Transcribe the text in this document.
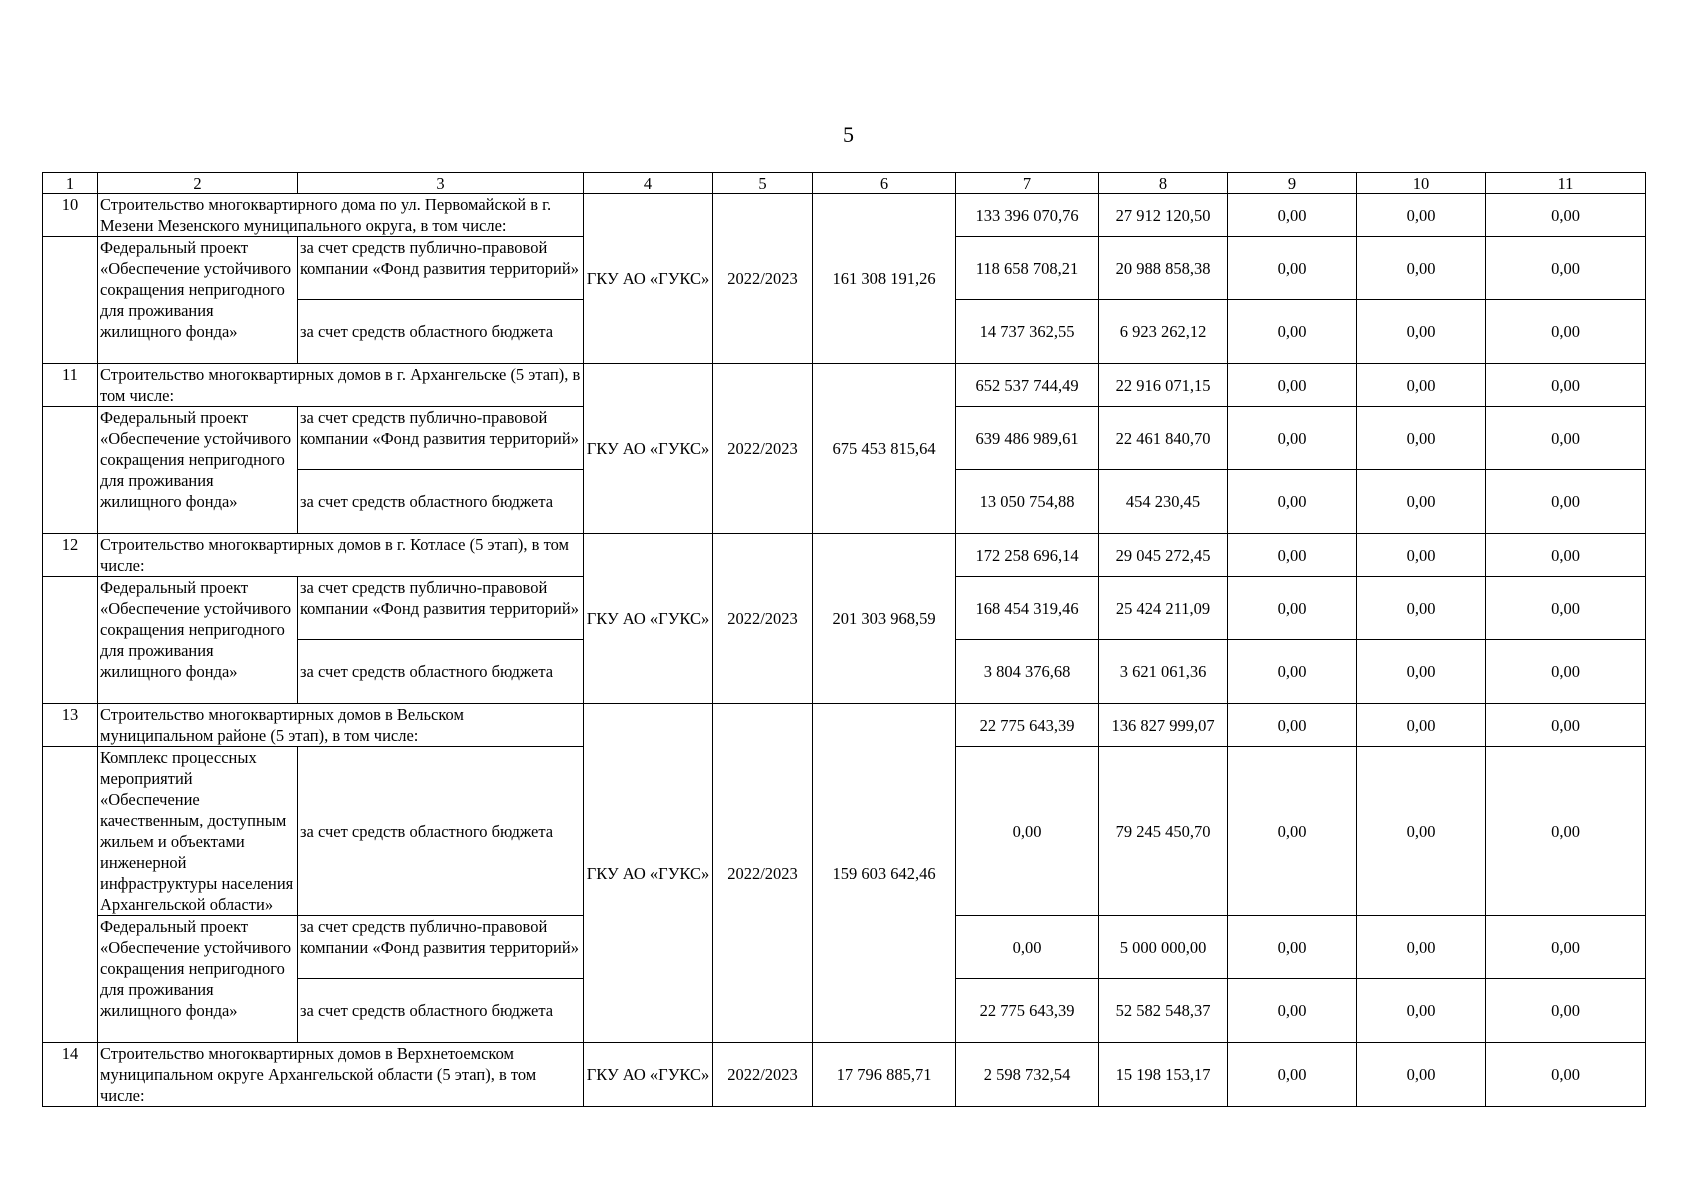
5
1	2	3	4	5	6	7	8	9	10	11
10	Строительство многоквартирного дома по ул. Первомайской в г. Мезени Мезенского муниципального округа, в том числе:		ГКУ АО «ГУКС»	2022/2023	161 308 191,26	133 396 070,76	27 912 120,50	0,00	0,00	0,00
	Федеральный проект «Обеспечение устойчивого сокращения непригодного для проживания жилищного фонда»	за счет средств публично-правовой компании «Фонд развития территорий»				118 658 708,21	20 988 858,38	0,00	0,00	0,00
		за счет средств областного бюджета				14 737 362,55	6 923 262,12	0,00	0,00	0,00
11	Строительство многоквартирных домов в г. Архангельске (5 этап), в том числе:		ГКУ АО «ГУКС»	2022/2023	675 453 815,64	652 537 744,49	22 916 071,15	0,00	0,00	0,00
	Федеральный проект «Обеспечение устойчивого сокращения непригодного для проживания жилищного фонда»	за счет средств публично-правовой компании «Фонд развития территорий»				639 486 989,61	22 461 840,70	0,00	0,00	0,00
		за счет средств областного бюджета				13 050 754,88	454 230,45	0,00	0,00	0,00
12	Строительство многоквартирных домов в г. Котласе (5 этап), в том числе:		ГКУ АО «ГУКС»	2022/2023	201 303 968,59	172 258 696,14	29 045 272,45	0,00	0,00	0,00
	Федеральный проект «Обеспечение устойчивого сокращения непригодного для проживания жилищного фонда»	за счет средств публично-правовой компании «Фонд развития территорий»				168 454 319,46	25 424 211,09	0,00	0,00	0,00
		за счет средств областного бюджета				3 804 376,68	3 621 061,36	0,00	0,00	0,00
13	Строительство многоквартирных домов в Вельском муниципальном районе (5 этап), в том числе:		ГКУ АО «ГУКС»	2022/2023	159 603 642,46	22 775 643,39	136 827 999,07	0,00	0,00	0,00
	Комплекс процессных мероприятий «Обеспечение качественным, доступным жильем и объектами инженерной инфраструктуры населения Архангельской области»	за счет средств областного бюджета				0,00	79 245 450,70	0,00	0,00	0,00
	Федеральный проект «Обеспечение устойчивого сокращения непригодного для проживания жилищного фонда»	за счет средств публично-правовой компании «Фонд развития территорий»				0,00	5 000 000,00	0,00	0,00	0,00
		за счет средств областного бюджета				22 775 643,39	52 582 548,37	0,00	0,00	0,00
14	Строительство многоквартирных домов в Верхнетоемском муниципальном округе Архангельской области (5 этап), в том числе:		ГКУ АО «ГУКС»	2022/2023	17 796 885,71	2 598 732,54	15 198 153,17	0,00	0,00	0,00
